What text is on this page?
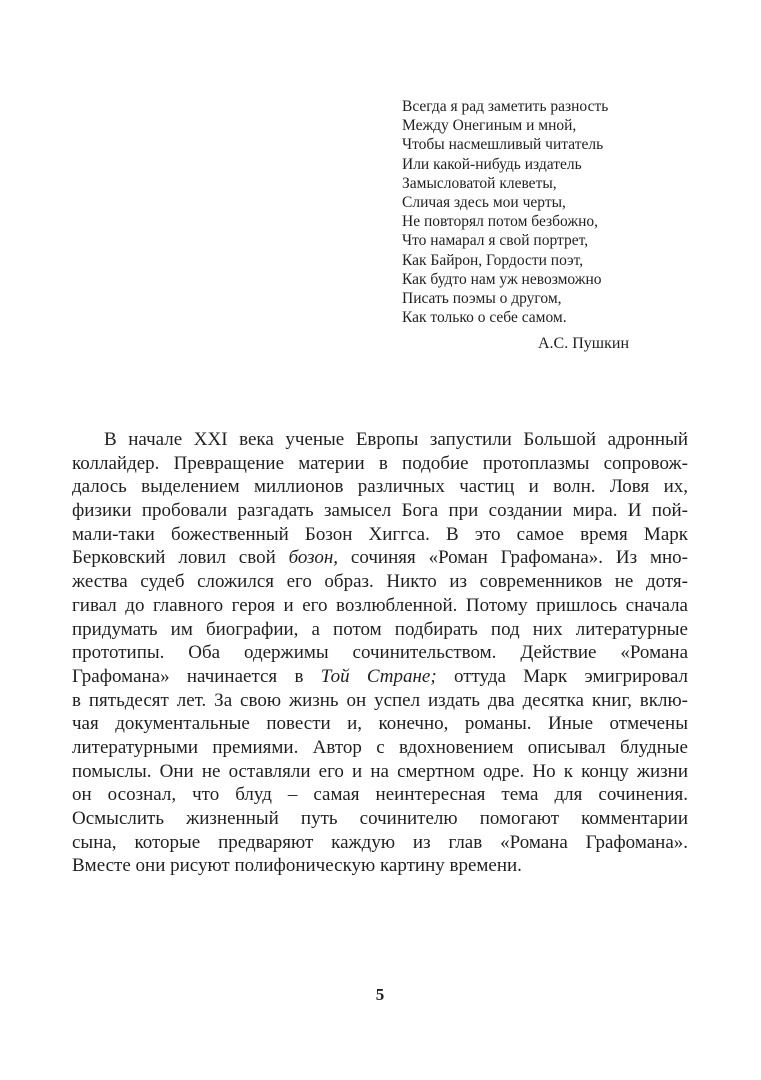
Всегда я рад заметить разность
Между Онегиным и мной,
Чтобы насмешливый читатель
Или какой-нибудь издатель
Замысловатой клеветы,
Сличая здесь мои черты,
Не повторял потом безбожно,
Что намарал я свой портрет,
Как Байрон, Гордости поэт,
Как будто нам уж невозможно
Писать поэмы о другом,
Как только о себе самом.
А.С. Пушкин
В начале XXI века ученые Европы запустили Большой адронный
коллайдер. Превращение материи в подобие протоплазмы сопровож-
далось выделением миллионов различных частиц и волн. Ловя их,
физики пробовали разгадать замысел Бога при создании мира. И пой-
мали-таки божественный Бозон Хиггса. В это самое время Марк
Берковский ловил свой бозон, сочиняя «Роман Графомана». Из мно-
жества судеб сложился его образ. Никто из современников не дотя-
гивал до главного героя и его возлюбленной. Потому пришлось сначала
придумать им биографии, а потом подбирать под них литературные
прототипы. Оба одержимы сочинительством. Действие «Романа
Графомана» начинается в Той Стране; оттуда Марк эмигрировал
в пятьдесят лет. За свою жизнь он успел издать два десятка книг, вклю-
чая документальные повести и, конечно, романы. Иные отмечены
литературными премиями. Автор с вдохновением описывал блудные
помыслы. Они не оставляли его и на смертном одре. Но к концу жизни
он осознал, что блуд – самая неинтересная тема для сочинения.
Осмыслить жизненный путь сочинителю помогают комментарии
сына, которые предваряют каждую из глав «Романа Графомана».
Вместе они рисуют полифоническую картину времени.
5
